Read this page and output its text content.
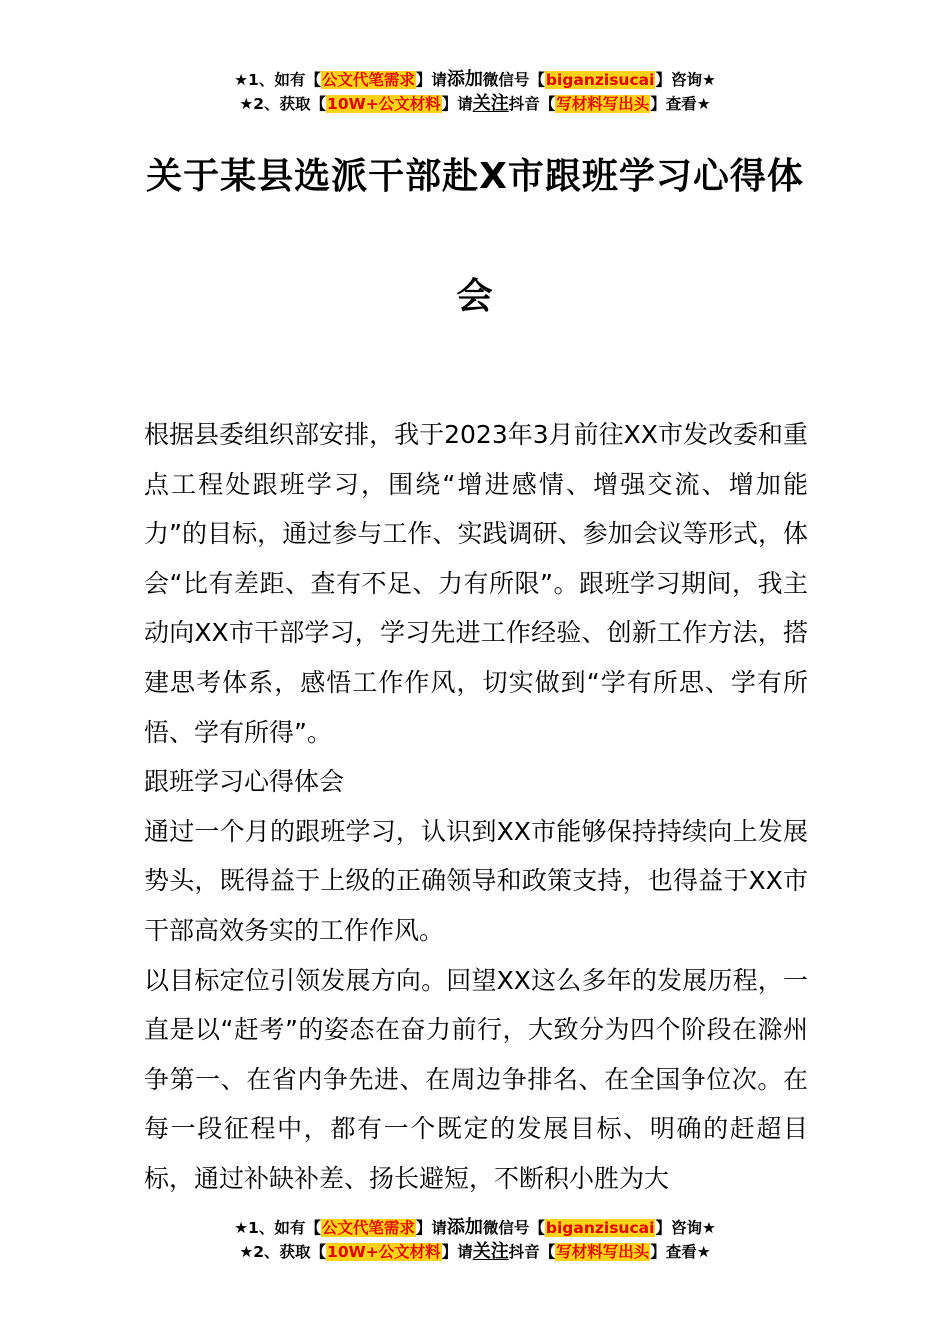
★1、如有【公文代笔需求】请添加微信号【biganzisucai】咨询★
★2、获取【10W+公文材料】请关注抖音【写材料写出头】查看★
关于某县选派干部赴X市跟班学习心得体
会

根据县委组织部安排，我于2023年3月前往XX市发改委和重点工程处跟班学习，围绕“增进感情、增强交流、增加能力”的目标，通过参与工作、实践调研、参加会议等形式，体会“比有差距、查有不足、力有所限”。跟班学习期间，我主动向XX市干部学习，学习先进工作经验、创新工作方法，搭建思考体系，感悟工作作风，切实做到“学有所思、学有所悟、学有所得”。

跟班学习心得体会

通过一个月的跟班学习，认识到XX市能够保持持续向上发展势头，既得益于上级的正确领导和政策支持，也得益于XX市干部高效务实的工作作风。

以目标定位引领发展方向。回望XX这么多年的发展历程，一直是以“赶考”的姿态在奋力前行，大致分为四个阶段在滁州争第一、在省内争先进、在周边争排名、在全国争位次。在每一段征程中，都有一个既定的发展目标、明确的赶超目标，通过补缺补差、扬长避短，不断积小胜为大

★1、如有【公文代笔需求】请添加微信号【biganzisucai】咨询★
★2、获取【10W+公文材料】请关注抖音【写材料写出头】查看★
